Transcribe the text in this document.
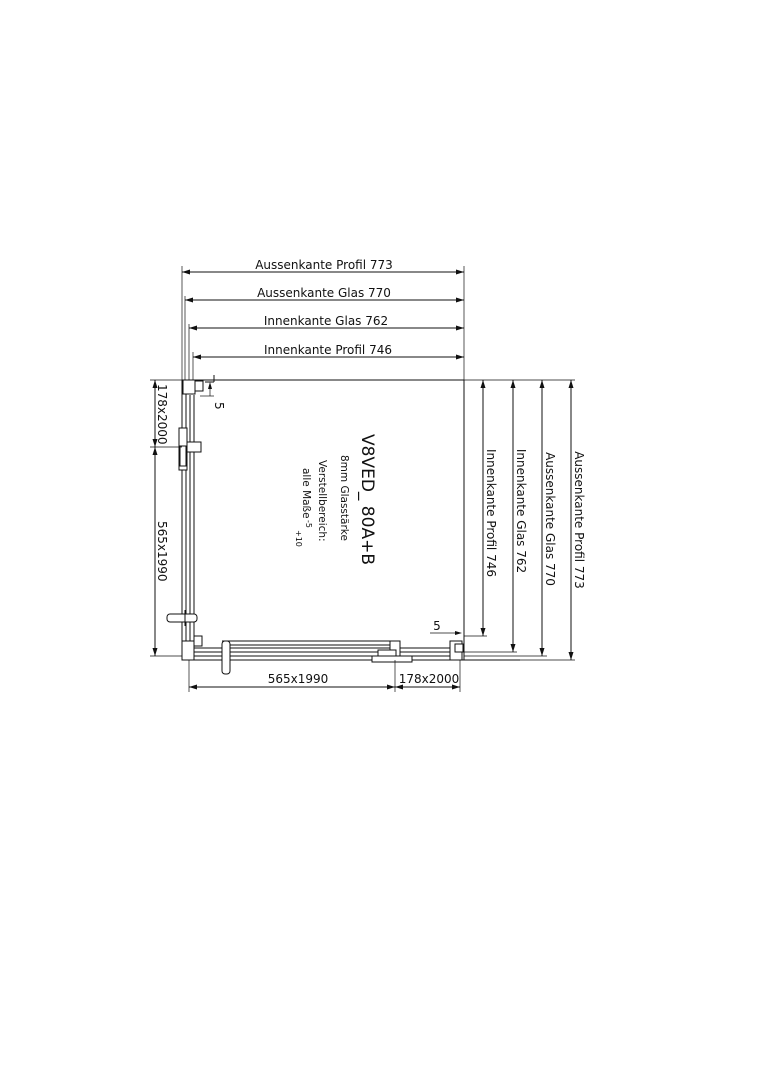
Aussenkante Profil 773
Aussenkante Glas 770
Innenkante Glas 762
Innenkante Profil 746
5
5
178x2000
565x1990
565x1990	178x2000
Innenkante Profil 746 Innenkante Glas 762 Aussenkante Glas 770 Aussenkante Profil 773
V8VED_ 80A+B
8mm Glasstärke
Verstellbereich:
alle Maße
-5
+10
